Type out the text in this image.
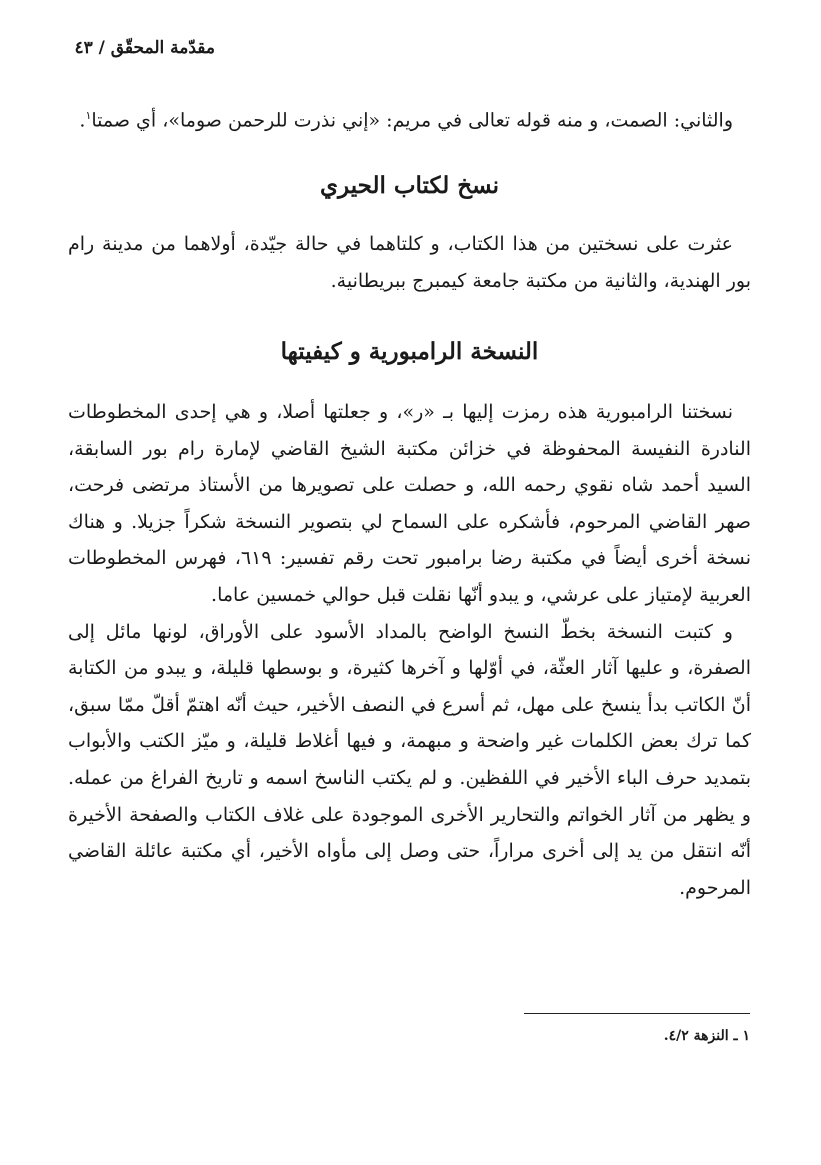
مقدّمة المحقّق / ٤٣

والثاني: الصمت، و منه قوله تعالى في مريم: «إني نذرت للرحمن صوما»، أي صمتا$^١$.

نسخ لكتاب الحيري

عثرت على نسختين من هذا الكتاب، و كلتاهما في حالة جيّدة، أولاهما من مدينة رام بور الهندية، والثانية من مكتبة جامعة كيمبرج ببريطانية.

النسخة الرامبورية و كيفيتها

نسختنا الرامبورية هذه رمزت إليها بـ «ر»، و جعلتها أصلا، و هي إحدى المخطوطات النادرة النفيسة المحفوظة في خزائن مكتبة الشيخ القاضي لإمارة رام بور السابقة، السيد أحمد شاه نقوي رحمه الله، و حصلت على تصويرها من الأستاذ مرتضى فرحت، صهر القاضي المرحوم، فأشكره على السماح لي بتصوير النسخة شكراً جزيلا. و هناك نسخة أخرى أيضاً في مكتبة رضا برامبور تحت رقم تفسير: ٦١٩، فهرس المخطوطات العربية لإمتياز على عرشي، و يبدو أنّها نقلت قبل حوالي خمسين عاما.

و كتبت النسخة بخطّ النسخ الواضح بالمداد الأسود على الأوراق، لونها مائل إلى الصفرة، و عليها آثار العثّة، في أوّلها و آخرها كثيرة، و بوسطها قليلة، و يبدو من الكتابة أنّ الكاتب بدأ ينسخ على مهل، ثم أسرع في النصف الأخير، حيث أنّه اهتمّ أقلّ ممّا سبق، كما ترك بعض الكلمات غير واضحة و مبهمة، و فيها أغلاط قليلة، و ميّز الكتب والأبواب بتمديد حرف الباء الأخير في اللفظين. و لم يكتب الناسخ اسمه و تاريخ الفراغ من عمله. و يظهر من آثار الخواتم والتحارير الأخرى الموجودة على غلاف الكتاب والصفحة الأخيرة أنّه انتقل من يد إلى أخرى مراراً، حتى وصل إلى مأواه الأخير، أي مكتبة عائلة القاضي المرحوم.

١ ـ النزهة ٤/٢.
